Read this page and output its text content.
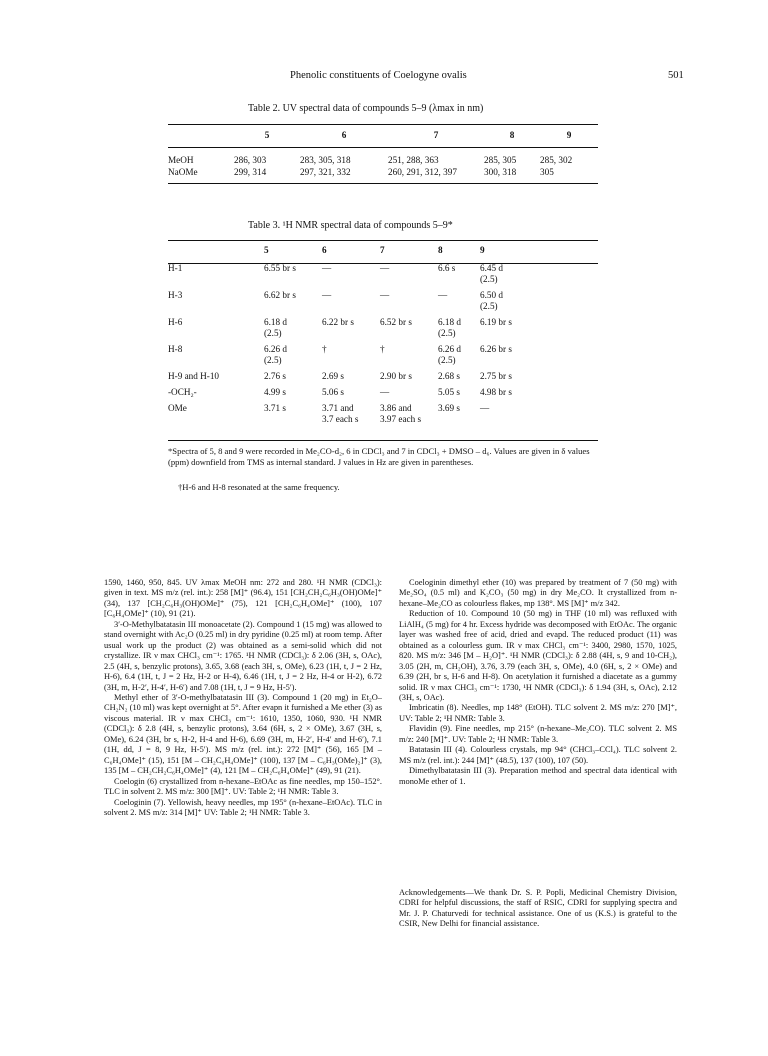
Phenolic constituents of Coelogyne ovalis	501
Table 2. UV spectral data of compounds 5–9 (λmax in nm)
	5	6	7	8	9
MeOH	286, 303	283, 305, 318	251, 288, 363	285, 305	285, 302
NaOMe	299, 314	297, 321, 332	260, 291, 312, 397	300, 318	305
Table 3. ¹H NMR spectral data of compounds 5–9*
	5	6	7	8	9
H-1	6.55 br s	—	—	6.6 s	6.45 d
(2.5)
H-3	6.62 br s	—	—	—	6.50 d
(2.5)
H-6	6.18 d
(2.5)	6.22 br s	6.52 br s	6.18 d
(2.5)	6.19 br s
H-8	6.26 d
(2.5)	†	†	6.26 d
(2.5)	6.26 br s
H-9 and H-10	2.76 s	2.69 s	2.90 br s	2.68 s	2.75 br s
-OCH₂-	4.99 s	5.06 s	—	5.05 s	4.98 br s
OMe	3.71 s	3.71 and
3.7 each s	3.86 and
3.97 each s	3.69 s	—
*Spectra of 5, 8 and 9 were recorded in Me₂CO-d₂, 6 in CDCl₃ and 7 in CDCl₃ + DMSO – d₆. Values are given in δ values (ppm) downfield from TMS as internal standard. J values in Hz are given in parentheses.
†H-6 and H-8 resonated at the same frequency.

1590, 1460, 950, 845. UV λmax MeOH nm: 272 and 280. ¹H NMR (CDCl₃): given in text. MS m/z (rel. int.): 258 [M]⁺ (96.4), 151 [CH₂CH₂C₆H₃(OH)OMe]⁺ (34), 137 [CH₂C₆H₃(OH)OMe]⁺ (75), 121 [CH₂C₆H₄OMe]⁺ (100), 107 [C₆H₄OMe]⁺ (10), 91 (21).

3′-O-Methylbatatasin III monoacetate (2). Compound 1 (15 mg) was allowed to stand overnight with Ac₂O (0.25 ml) in dry pyridine (0.25 ml) at room temp. After usual work up the product (2) was obtained as a semi-solid which did not crystallize. IR ν max CHCl₃ cm⁻¹: 1765. ¹H NMR (CDCl₃): δ 2.06 (3H, s, OAc), 2.5 (4H, s, benzylic protons), 3.65, 3.68 (each 3H, s, OMe), 6.23 (1H, t, J = 2 Hz, H-6), 6.4 (1H, t, J = 2 Hz, H-2 or H-4), 6.46 (1H, t, J = 2 Hz, H-4 or H-2), 6.72 (3H, m, H-2′, H-4′, H-6′) and 7.08 (1H, t, J = 9 Hz, H-5′).

Methyl ether of 3′-O-methylbatatasin III (3). Compound 1 (20 mg) in Et₂O–CH₂N₂ (10 ml) was kept overnight at 5°. After evapn it furnished a Me ether (3) as viscous material. IR ν max CHCl₃ cm⁻¹: 1610, 1350, 1060, 930. ¹H NMR (CDCl₃): δ 2.8 (4H, s, benzylic protons), 3.64 (6H, s, 2 × OMe), 3.67 (3H, s, OMe), 6.24 (3H, br s, H-2, H-4 and H-6), 6.69 (3H, m, H-2′, H-4′ and H-6′), 7.1 (1H, dd, J = 8, 9 Hz, H-5′). MS m/z (rel. int.): 272 [M]⁺ (56), 165 [M – C₆H₄OMe]⁺ (15), 151 [M – CH₂C₆H₄OMe]⁺ (100), 137 [M – C₆H₃(OMe)₂]⁺ (3), 135 [M – CH₂CH₂C₆H₄OMe]⁺ (4), 121 [M – CH₂C₆H₄OMe]⁺ (49), 91 (21).

Coelogin (6) crystallized from n-hexane–EtOAc as fine needles, mp 150–152°. TLC in solvent 2. MS m/z: 300 [M]⁺. UV: Table 2; ¹H NMR: Table 3.

Coeloginin (7). Yellowish, heavy needles, mp 195° (n-hexane–EtOAc). TLC in solvent 2. MS m/z: 314 [M]⁺ UV: Table 2; ¹H NMR: Table 3.

Coeloginin dimethyl ether (10) was prepared by treatment of 7 (50 mg) with Me₂SO₄ (0.5 ml) and K₂CO₃ (50 mg) in dry Me₂CO. It crystallized from n-hexane–Me₂CO as colourless flakes, mp 138°. MS [M]⁺ m/z 342.

Reduction of 10. Compound 10 (50 mg) in THF (10 ml) was refluxed with LiAlH₄ (5 mg) for 4 hr. Excess hydride was decomposed with EtOAc. The organic layer was washed free of acid, dried and evapd. The reduced product (11) was obtained as a colourless gum. IR ν max CHCl₃ cm⁻¹: 3400, 2980, 1570, 1025, 820. MS m/z: 346 [M – H₂O]⁺. ¹H NMR (CDCl₃): δ 2.88 (4H, s, 9 and 10-CH₂), 3.05 (2H, m, CH₂OH), 3.76, 3.79 (each 3H, s, OMe), 4.0 (6H, s, 2 × OMe) and 6.39 (2H, br s, H-6 and H-8). On acetylation it furnished a diacetate as a gummy solid. IR ν max CHCl₃ cm⁻¹: 1730, ¹H NMR (CDCl₃): δ 1.94 (3H, s, OAc), 2.12 (3H, s, OAc).

Imbricatin (8). Needles, mp 148° (EtOH). TLC solvent 2. MS m/z: 270 [M]⁺, UV: Table 2; ¹H NMR: Table 3.

Flavidin (9). Fine needles, mp 215° (n-hexane–Me₂CO). TLC solvent 2. MS m/z: 240 [M]⁺. UV: Table 2; ¹H NMR: Table 3.

Batatasin III (4). Colourless crystals, mp 94° (CHCl₃–CCl₄). TLC solvent 2. MS m/z (rel. int.): 244 [M]⁺ (48.5), 137 (100), 107 (50).

Dimethylbatatasin III (3). Preparation method and spectral data identical with monoMe ether of 1.

Acknowledgements—We thank Dr. S. P. Popli, Medicinal Chemistry Division, CDRI for helpful discussions, the staff of RSIC, CDRI for supplying spectra and Mr. J. P. Chaturvedi for technical assistance. One of us (K.S.) is grateful to the CSIR, New Delhi for financial assistance.
